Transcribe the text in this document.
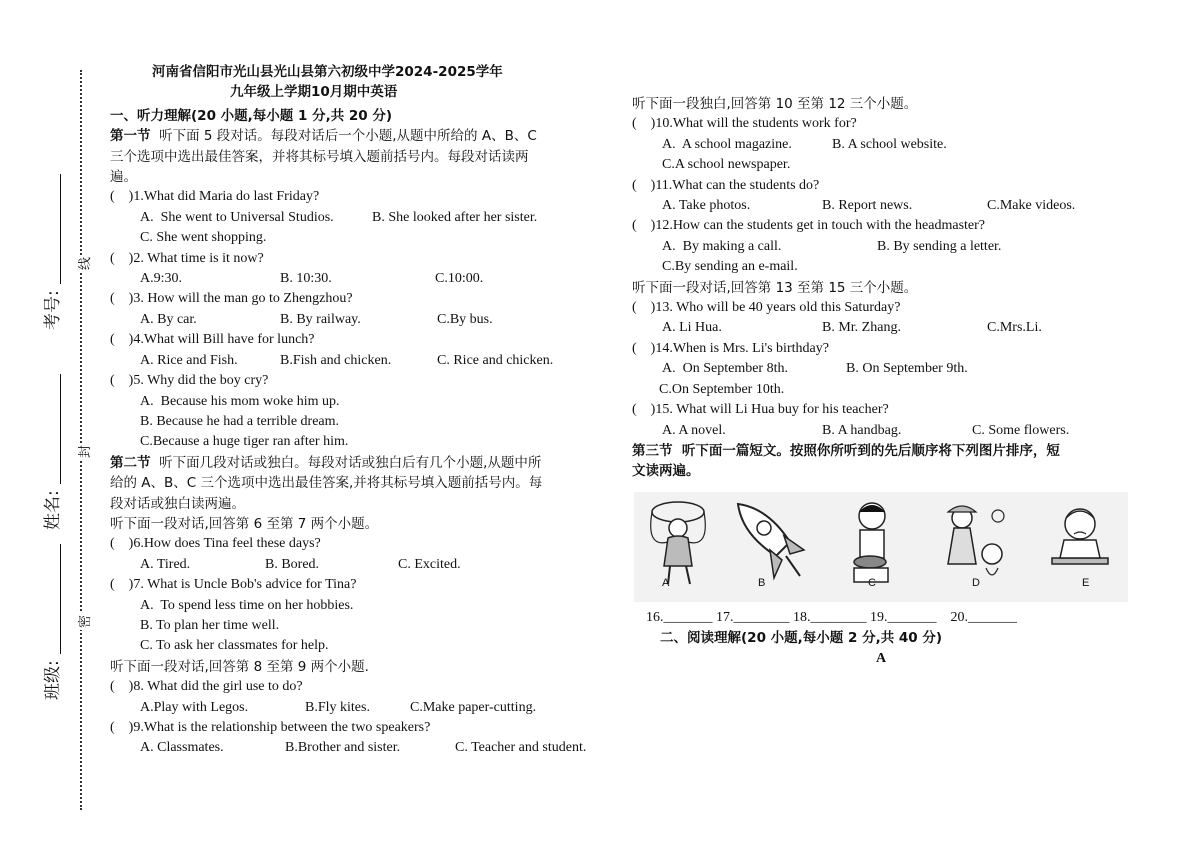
考号:
姓名:
班级:
线
封
密

河南省信阳市光山县光山县第六初级中学2024-2025学年

九年级上学期10月期中英语

一、听力理解(20 小题,每小题 1 分,共 20 分)

第一节  听下面 5 段对话。每段对话后一个小题,从题中所给的 A、B、C

三个选项中选出最佳答案，并将其标号填入题前括号内。每段对话读两

遍。

(    )1.What did Maria do last Friday?

A.  She went to Universal Studios.	B. She looked after her sister.

C. She went shopping.

(    )2. What time is it now?

A.9:30.	B. 10:30.	C.10:00.

(    )3. How will the man go to Zhengzhou?

A. By car.	B. By railway.	C.By bus.

(    )4.What will Bill have for lunch?

A. Rice and Fish.	B.Fish and chicken.	C. Rice and chicken.

(    )5. Why did the boy cry?

A.  Because his mom woke him up.

B. Because he had a terrible dream.

C.Because a huge tiger ran after him.

第二节  听下面几段对话或独白。每段对话或独白后有几个小题,从题中所

给的 A、B、C 三个选项中选出最佳答案,并将其标号填入题前括号内。每

段对话或独白读两遍。

听下面一段对话,回答第 6 至第 7 两个小题。

(    )6.How does Tina feel these days?

A. Tired.	B. Bored.	C. Excited.

(    )7. What is Uncle Bob's advice for Tina?

A.  To spend less time on her hobbies.

B. To plan her time well.

C. To ask her classmates for help.

听下面一段对话,回答第 8 至第 9 两个小题.

(    )8. What did the girl use to do?

A.Play with Legos.	B.Fly kites.	C.Make paper-cutting.

(    )9.What is the relationship between the two speakers?

A. Classmates.	B.Brother and sister.	C. Teacher and student.

听下面一段独白,回答第 10 至第 12 三个小题。

(    )10.What will the students work for?

A.  A school magazine.	B. A school website.

C.A school newspaper.

(    )11.What can the students do?

A. Take photos.	B. Report news.	C.Make videos.

(    )12.How can the students get in touch with the headmaster?

A.  By making a call.	B. By sending a letter.

C.By sending an e-mail.

听下面一段对话,回答第 13 至第 15 三个小题。

(    )13. Who will be 40 years old this Saturday?

A. Li Hua.	B. Mr. Zhang.	C.Mrs.Li.

(    )14.When is Mrs. Li's birthday?

A.  On September 8th.	B. On September 9th.

C.On September 10th.

(    )15. What will Li Hua buy for his teacher?

A. A novel.	B. A handbag.	C. Some flowers.

第三节  听下面一篇短文。按照你所听到的先后顺序将下列图片排序，短

文读两遍。

A	B	C	D	E

16._______ 17.________ 18.________ 19._______    20._______

二、阅读理解(20 小题,每小题 2 分,共 40 分)

A
